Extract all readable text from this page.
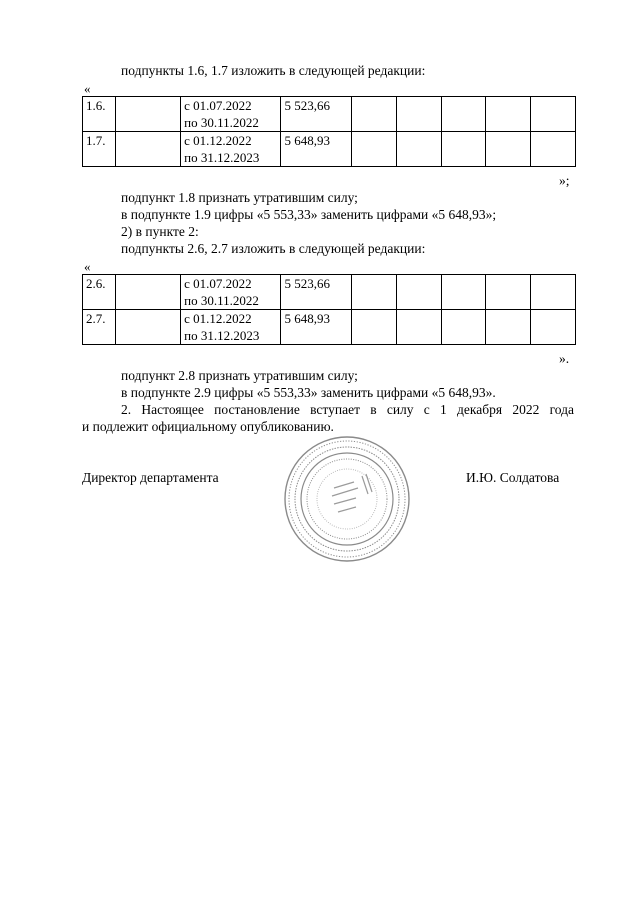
подпункты 1.6, 1.7 изложить в следующей редакции:
«
1.6.		с 01.07.2022
по 30.11.2022	5 523,66					
1.7.		с 01.12.2022
по 31.12.2023	5 648,93					
»;
подпункт 1.8 признать утратившим силу;
в подпункте 1.9 цифры «5 553,33» заменить цифрами «5 648,93»;
2) в пункте 2:
подпункты 2.6, 2.7 изложить в следующей редакции:
«
2.6.		с 01.07.2022
по 30.11.2022	5 523,66					
2.7.		с 01.12.2022
по 31.12.2023	5 648,93					
».
подпункт 2.8 признать утратившим силу;
в подпункте 2.9 цифры «5 553,33» заменить цифрами «5 648,93».
2. Настоящее постановление вступает в силу с 1 декабря 2022 года
и подлежит официальному опубликованию.
Директор департамента	И.Ю. Солдатова
